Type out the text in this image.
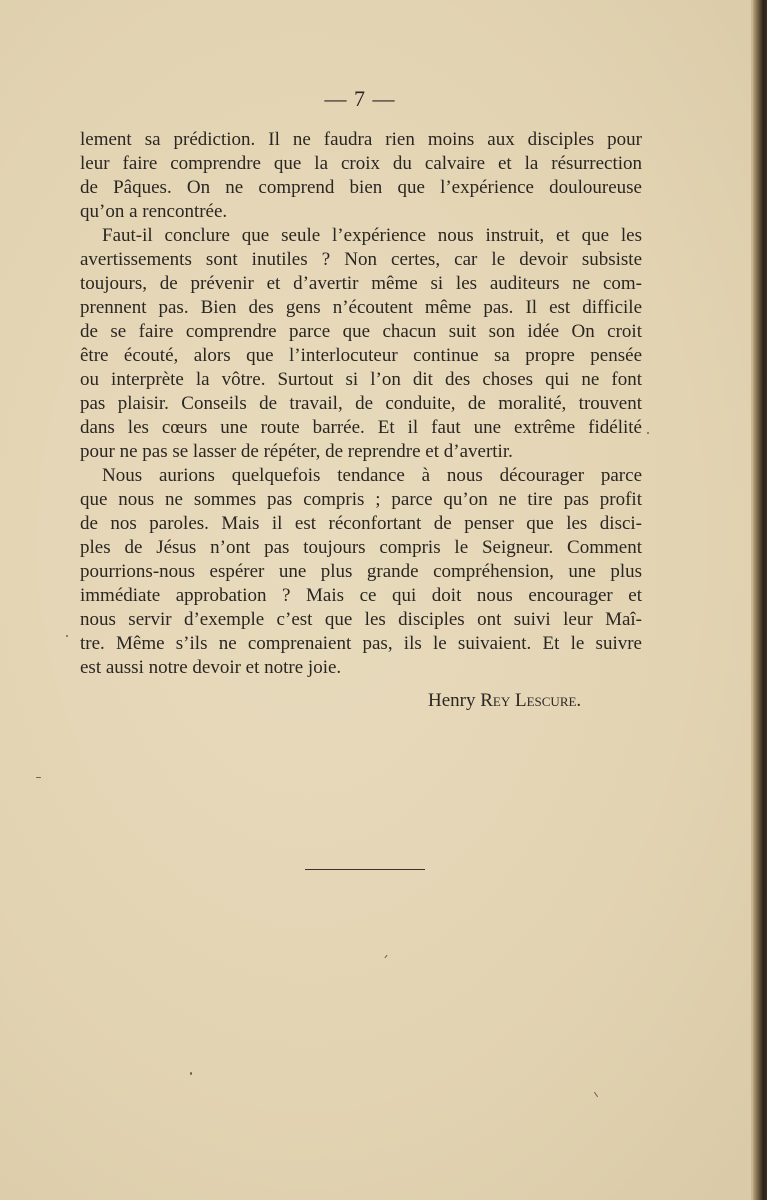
— 7 —
lement sa prédiction. Il ne faudra rien moins aux disciples pour
leur faire comprendre que la croix du calvaire et la résurrection
de Pâques. On ne comprend bien que l’expérience douloureuse
qu’on a rencontrée.
Faut-il conclure que seule l’expérience nous instruit, et que les
avertissements sont inutiles ? Non certes, car le devoir subsiste
toujours, de prévenir et d’avertir même si les auditeurs ne com-
prennent pas. Bien des gens n’écoutent même pas. Il est difficile
de se faire comprendre parce que chacun suit son idée On croit
être écouté, alors que l’interlocuteur continue sa propre pensée
ou interprète la vôtre. Surtout si l’on dit des choses qui ne font
pas plaisir. Conseils de travail, de conduite, de moralité, trouvent
dans les cœurs une route barrée. Et il faut une extrême fidélité
pour ne pas se lasser de répéter, de reprendre et d’avertir.
Nous aurions quelquefois tendance à nous décourager parce
que nous ne sommes pas compris ; parce qu’on ne tire pas profit
de nos paroles. Mais il est réconfortant de penser que les disci-
ples de Jésus n’ont pas toujours compris le Seigneur. Comment
pourrions-nous espérer une plus grande compréhension, une plus
immédiate approbation ? Mais ce qui doit nous encourager et
nous servir d’exemple c’est que les disciples ont suivi leur Maî-
tre. Même s’ils ne comprenaient pas, ils le suivaient. Et le suivre
est aussi notre devoir et notre joie.
Henry Rey Lescure.
